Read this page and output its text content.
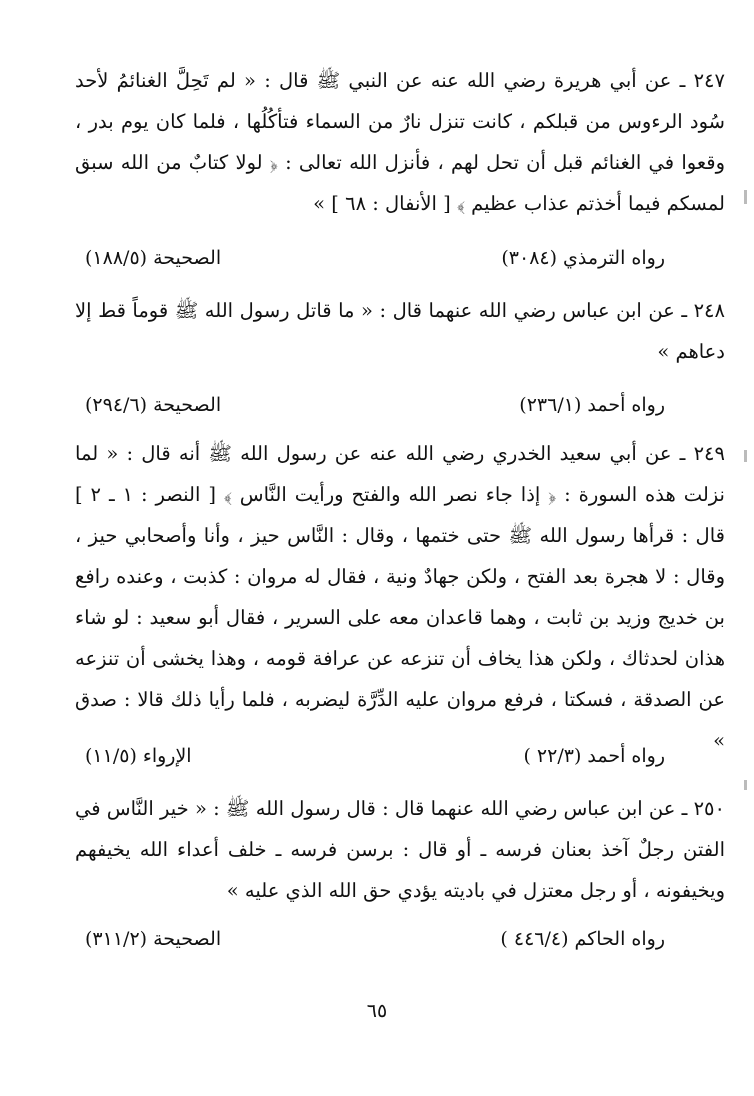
٢٤٧ ـ عن أبي هريرة رضي الله عنه عن النبي ﷺ قال : « لم تَحِلَّ الغنائمُ لأحد سُود الرءوس من قبلكم ، كانت تنزل نارٌ من السماء فتأكُلُها ، فلما كان يوم بدر ، وقعوا في الغنائم قبل أن تحل لهم ، فأنزل الله تعالى : ﴿ لولا كتابٌ من الله سبق لمسكم فيما أخذتم عذاب عظيم ﴾ [ الأنفال : ٦٨ ] »
رواه الترمذي (٣٠٨٤)
الصحيحة (١٨٨/٥)
٢٤٨ ـ عن ابن عباس رضي الله عنهما قال : « ما قاتل رسول الله ﷺ قوماً قط إلا دعاهم »
رواه أحمد (٢٣٦/١)
الصحيحة (٢٩٤/٦)
٢٤٩ ـ عن أبي سعيد الخدري رضي الله عنه عن رسول الله ﷺ أنه قال : « لما نزلت هذه السورة : ﴿ إذا جاء نصر الله والفتح ورأيت النَّاس ﴾ [ النصر : ١ ـ ٢ ] قال : قرأها رسول الله ﷺ حتى ختمها ، وقال : النَّاس حيز ، وأنا وأصحابي حيز ، وقال : لا هجرة بعد الفتح ، ولكن جهادٌ ونية ، فقال له مروان : كذبت ، وعنده رافع بن خديج وزيد بن ثابت ، وهما قاعدان معه على السرير ، فقال أبو سعيد : لو شاء هذان لحدثاك ، ولكن هذا يخاف أن تنزعه عن عرافة قومه ، وهذا يخشى أن تنزعه عن الصدقة ، فسكتا ، فرفع مروان عليه الدِّرَّة ليضربه ، فلما رأيا ذلك قالا : صدق »
رواه أحمد (٢٢/٣ )
الإرواء (١١/٥)
٢٥٠ ـ عن ابن عباس رضي الله عنهما قال : قال رسول الله ﷺ : « خير النَّاس في الفتن رجلٌ آخذ بعنان فرسه ـ أو قال : برسن فرسه ـ خلف أعداء الله يخيفهم ويخيفونه ، أو رجل معتزل في باديته يؤدي حق الله الذي عليه »
رواه الحاكم (٤٤٦/٤ )
الصحيحة (٣١١/٢)
٦٥
